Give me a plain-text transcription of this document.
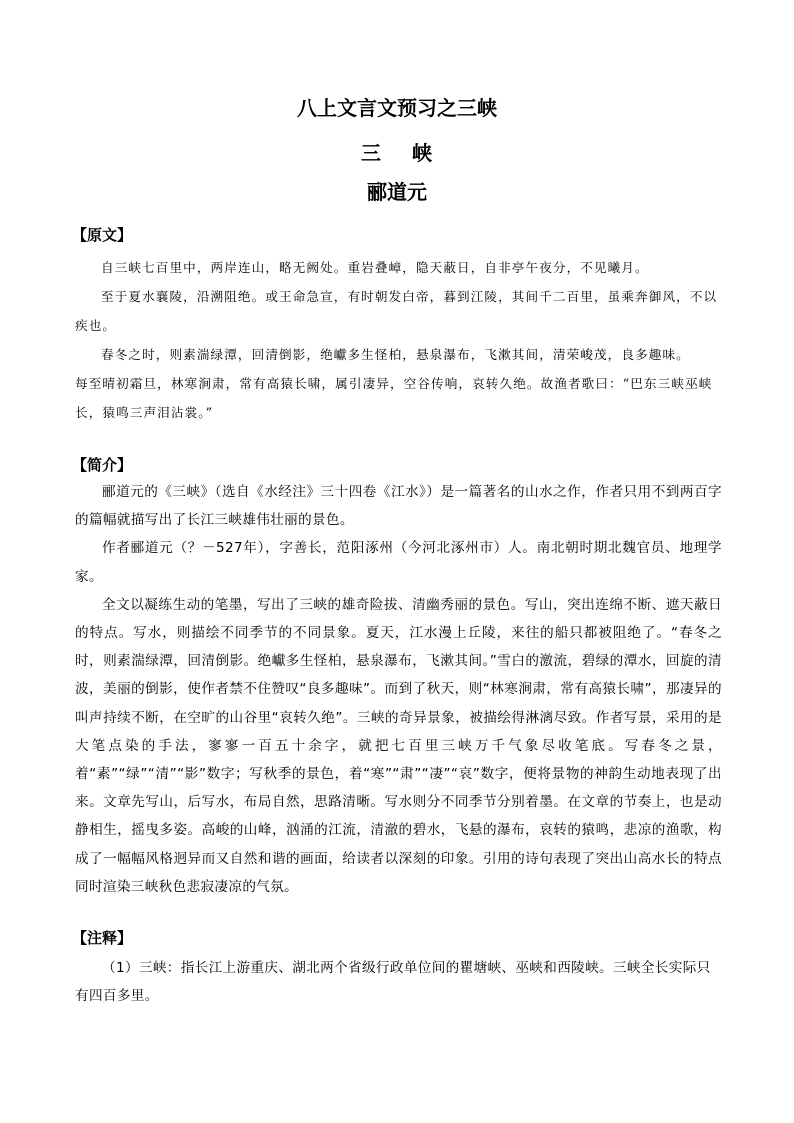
八上文言文预习之三峡
三 峡
郦道元
【原文】

自三峡七百里中，两岸连山，略无阙处。重岩叠嶂，隐天蔽日，自非亭午夜分，不见曦月。

至于夏水襄陵，沿溯阻绝。或王命急宣，有时朝发白帝，暮到江陵，其间千二百里，虽乘奔御风，不以疾也。

春冬之时，则素湍绿潭，回清倒影，绝巘多生怪柏，悬泉瀑布，飞漱其间，清荣峻茂，良多趣味。

每至晴初霜旦，林寒涧肃，常有高猿长啸，属引凄异，空谷传响，哀转久绝。故渔者歌曰：“巴东三峡巫峡长，猿鸣三声泪沾裳。”

【简介】

郦道元的《三峡》（选自《水经注》三十四卷《江水》）是一篇著名的山水之作，作者只用不到两百字的篇幅就描写出了长江三峡雄伟壮丽的景色。

作者郦道元（？－527年），字善长，范阳涿州（今河北涿州市）人。南北朝时期北魏官员、地理学家。

全文以凝练生动的笔墨，写出了三峡的雄奇险拔、清幽秀丽的景色。写山，突出连绵不断、遮天蔽日的特点。写水，则描绘不同季节的不同景象。夏天，江水漫上丘陵，来往的船只都被阻绝了。“春冬之时，则素湍绿潭，回清倒影。绝巘多生怪柏，悬泉瀑布，飞漱其间。”雪白的激流，碧绿的潭水，回旋的清波，美丽的倒影，使作者禁不住赞叹“良多趣味”。而到了秋天，则“林寒涧肃，常有高猿长啸”，那凄异的叫声持续不断，在空旷的山谷里“哀转久绝”。三峡的奇异景象，被描绘得淋漓尽致。作者写景，采用的是大笔点染的手法，寥寥一百五十余字，就把七百里三峡万千气象尽收笔底。写春冬之景，着“素”“绿”“清”“影”数字；写秋季的景色，着“寒”“肃”“凄”“哀”数字，便将景物的神韵生动地表现了出来。文章先写山，后写水，布局自然，思路清晰。写水则分不同季节分别着墨。在文章的节奏上，也是动静相生，摇曳多姿。高峻的山峰，汹涌的江流，清澈的碧水，飞悬的瀑布，哀转的猿鸣，悲凉的渔歌，构成了一幅幅风格迥异而又自然和谐的画面，给读者以深刻的印象。引用的诗句表现了突出山高水长的特点同时渲染三峡秋色悲寂凄凉的气氛。

【注释】

（1）三峡：指长江上游重庆、湖北两个省级行政单位间的瞿塘峡、巫峡和西陵峡。三峡全长实际只有四百多里。
